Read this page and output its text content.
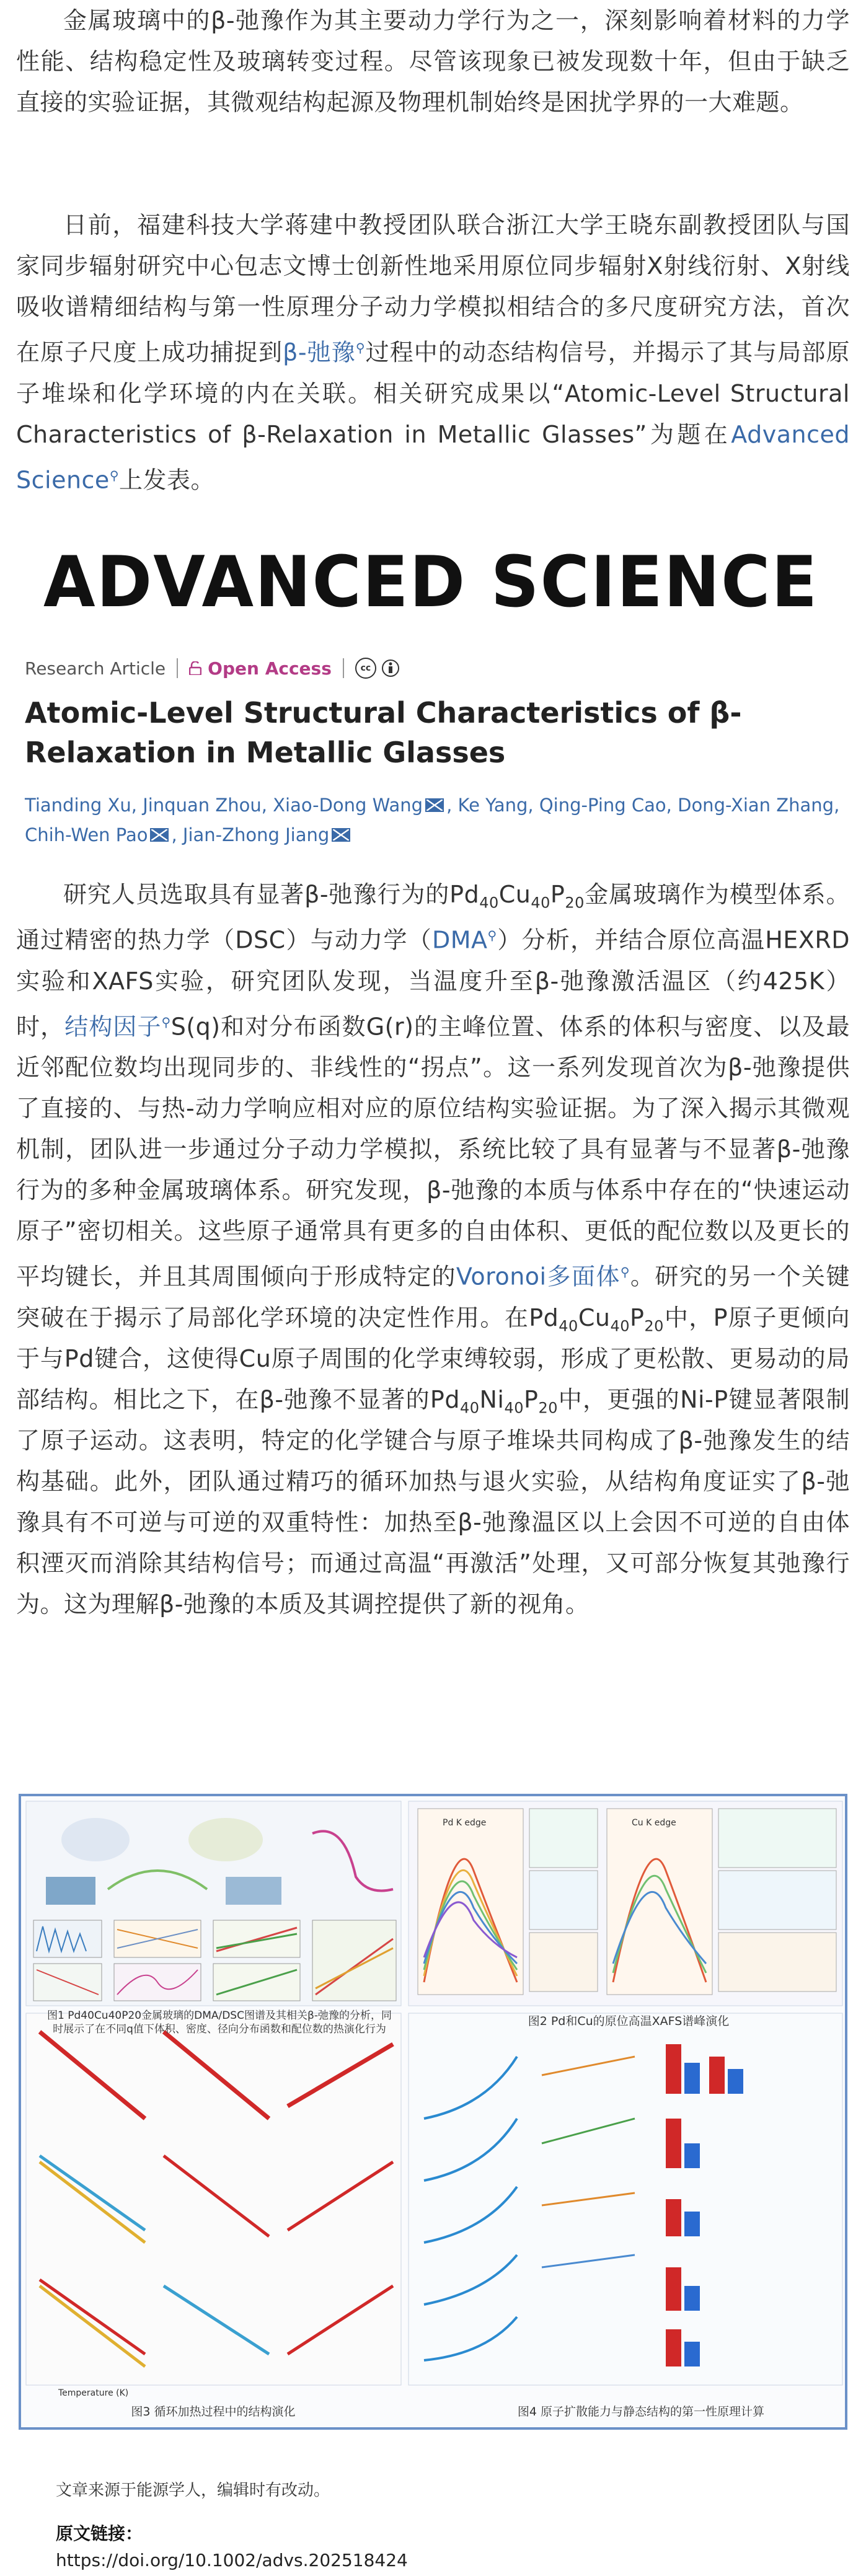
金属玻璃中的β-弛豫作为其主要动力学行为之一，深刻影响着材料的力学性能、结构稳定性及玻璃转变过程。尽管该现象已被发现数十年，但由于缺乏直接的实验证据，其微观结构起源及物理机制始终是困扰学界的一大难题。

日前，福建科技大学蒋建中教授团队联合浙江大学王晓东副教授团队与国家同步辐射研究中心包志文博士创新性地采用原位同步辐射X射线衍射、X射线吸收谱精细结构与第一性原理分子动力学模拟相结合的多尺度研究方法，首次在原子尺度上成功捕捉到β-弛豫⚲过程中的动态结构信号，并揭示了其与局部原子堆垛和化学环境的内在关联。相关研究成果以“Atomic-Level Structural Characteristics of β-Relaxation in Metallic Glasses”为题在Advanced Science⚲上发表。

ADVANCED SCIENCE
Research Article Open Access	cc
Atomic-Level Structural Characteristics of β-Relaxation in Metallic Glasses

Tianding Xu, Jinquan Zhou, Xiao-Dong Wang , Ke Yang, Qing-Ping Cao, Dong-Xian Zhang,
Chih-Wen Pao , Jian-Zhong Jiang

研究人员选取具有显著β-弛豫行为的$Pd_{40}Cu_{40}P_{20}$金属玻璃作为模型体系。通过精密的热力学（DSC）与动力学（DMA⚲）分析，并结合原位高温HEXRD实验和XAFS实验，研究团队发现，当温度升至β-弛豫激活温区（约425K）时，结构因子⚲S(q)和对分布函数G(r)的主峰位置、体系的体积与密度、以及最近邻配位数均出现同步的、非线性的“拐点”。这一系列发现首次为β-弛豫提供了直接的、与热-动力学响应相对应的原位结构实验证据。为了深入揭示其微观机制，团队进一步通过分子动力学模拟，系统比较了具有显著与不显著β-弛豫行为的多种金属玻璃体系。研究发现，β-弛豫的本质与体系中存在的“快速运动原子”密切相关。这些原子通常具有更多的自由体积、更低的配位数以及更长的平均键长，并且其周围倾向于形成特定的Voronoi多面体⚲。研究的另一个关键突破在于揭示了局部化学环境的决定性作用。在$Pd_{40}Cu_{40}P_{20}$中，P原子更倾向于与Pd键合，这使得Cu原子周围的化学束缚较弱，形成了更松散、更易动的局部结构。相比之下，在β-弛豫不显著的$Pd_{40}Ni_{40}P_{20}$中，更强的Ni-P键显著限制了原子运动。这表明，特定的化学键合与原子堆垛共同构成了β-弛豫发生的结构基础。此外，团队通过精巧的循环加热与退火实验，从结构角度证实了β-弛豫具有不可逆与可逆的双重特性：加热至β-弛豫温区以上会因不可逆的自由体积湮灭而消除其结构信号；而通过高温“再激活”处理，又可部分恢复其弛豫行为。这为理解β-弛豫的本质及其调控提供了新的视角。

图1 Pd40Cu40P20金属玻璃的DMA/DSC图谱及其相关β-弛豫的分析，同时展示了在不同q值下体积、密度、径向分布函数和配位数的热演化行为
图2 Pd和Cu的原位高温XAFS谱峰演化
图3 循环加热过程中的结构演化	图4 原子扩散能力与静态结构的第一性原理计算
Pd K edge	Cu K edge
Temperature (K)

文章来源于能源学人，编辑时有改动。

原文链接：

https://doi.org/10.1002/advs.202518424
